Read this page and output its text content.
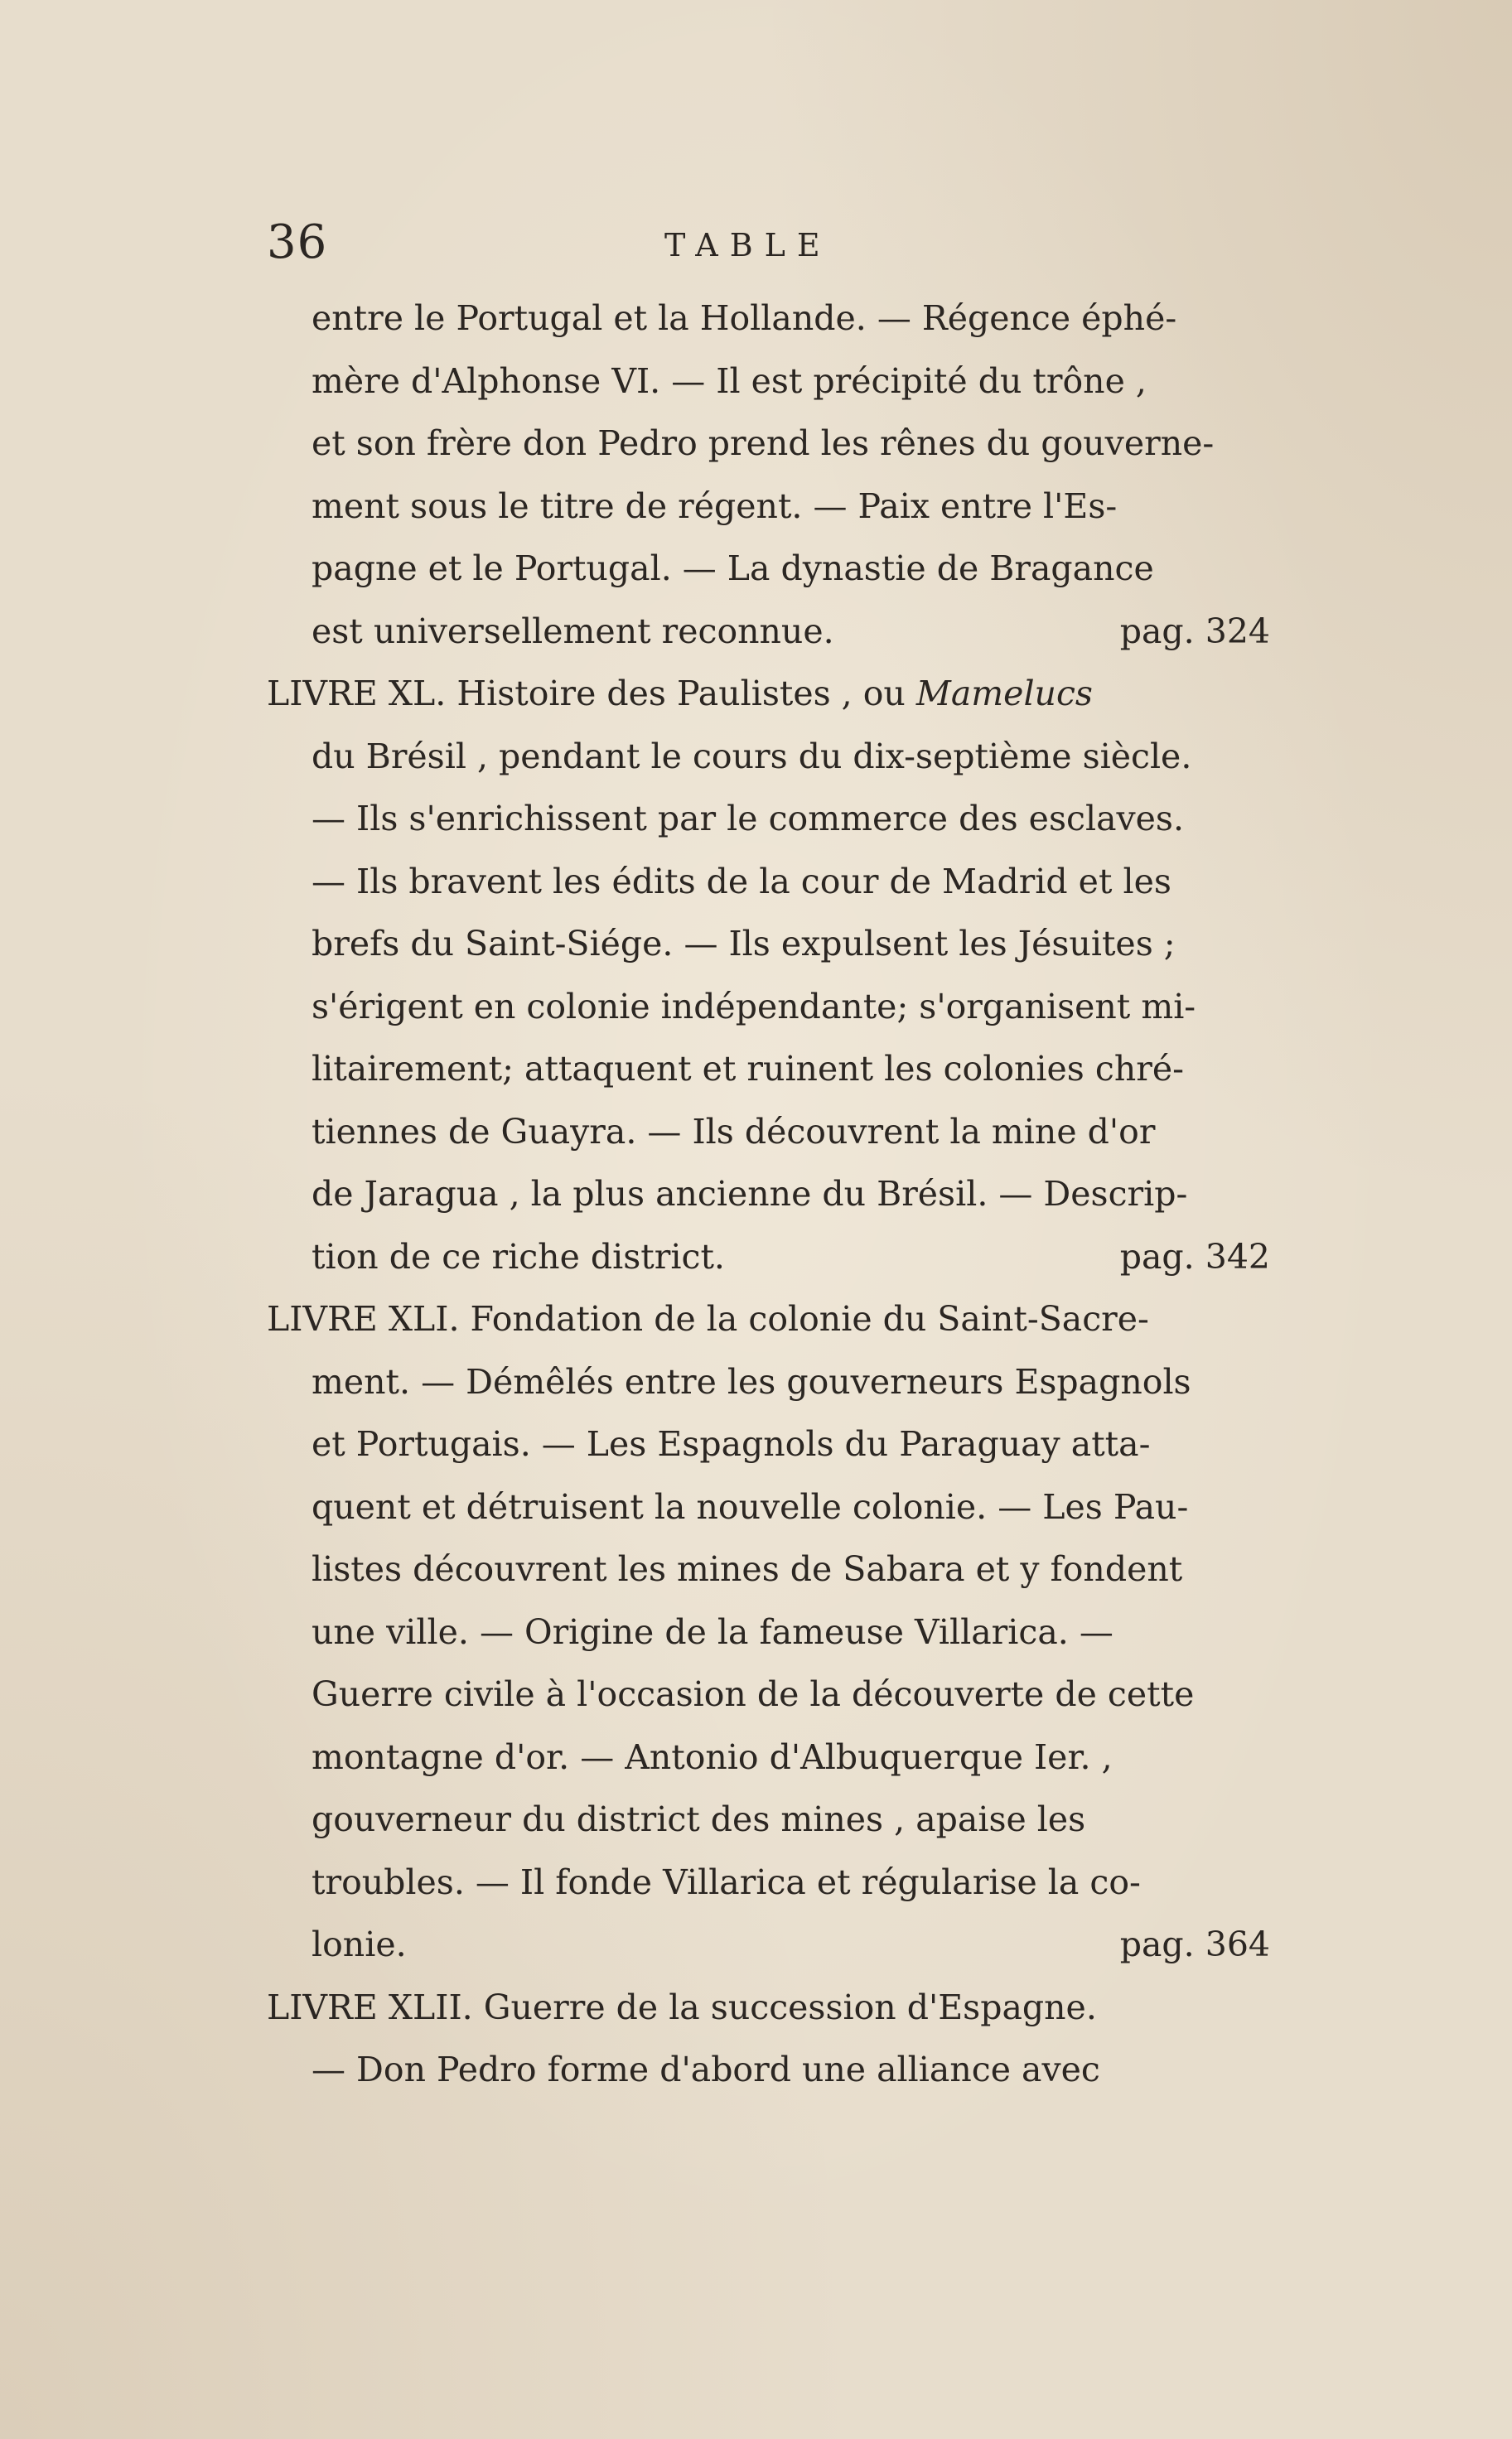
36	TABLE
entre le Portugal et la Hollande. — Régence éphé-
mère d'Alphonse VI. — Il est précipité du trône ,
et son frère don Pedro prend les rênes du gouverne-
ment sous le titre de régent. — Paix entre l'Es-
pagne et le Portugal. — La dynastie de Bragance
est universellement reconnue.	pag. 324
LIVRE XL. Histoire des Paulistes , ou Mamelucs
du Brésil , pendant le cours du dix-septième siècle.
— Ils s'enrichissent par le commerce des esclaves.
— Ils bravent les édits de la cour de Madrid et les
brefs du Saint-Siége. — Ils expulsent les Jésuites ;
s'érigent en colonie indépendante; s'organisent mi-
litairement; attaquent et ruinent les colonies chré-
tiennes de Guayra. — Ils découvrent la mine d'or
de Jaragua , la plus ancienne du Brésil. — Descrip-
tion de ce riche district.	pag. 342
LIVRE XLI. Fondation de la colonie du Saint-Sacre-
ment. — Démêlés entre les gouverneurs Espagnols
et Portugais. — Les Espagnols du Paraguay atta-
quent et détruisent la nouvelle colonie. — Les Pau-
listes découvrent les mines de Sabara et y fondent
une ville. — Origine de la fameuse Villarica. —
Guerre civile à l'occasion de la découverte de cette
montagne d'or. — Antonio d'Albuquerque Ier. ,
gouverneur du district des mines , apaise les
troubles. — Il fonde Villarica et régularise la co-
lonie.	pag. 364
LIVRE XLII. Guerre de la succession d'Espagne.
— Don Pedro forme d'abord une alliance avec
